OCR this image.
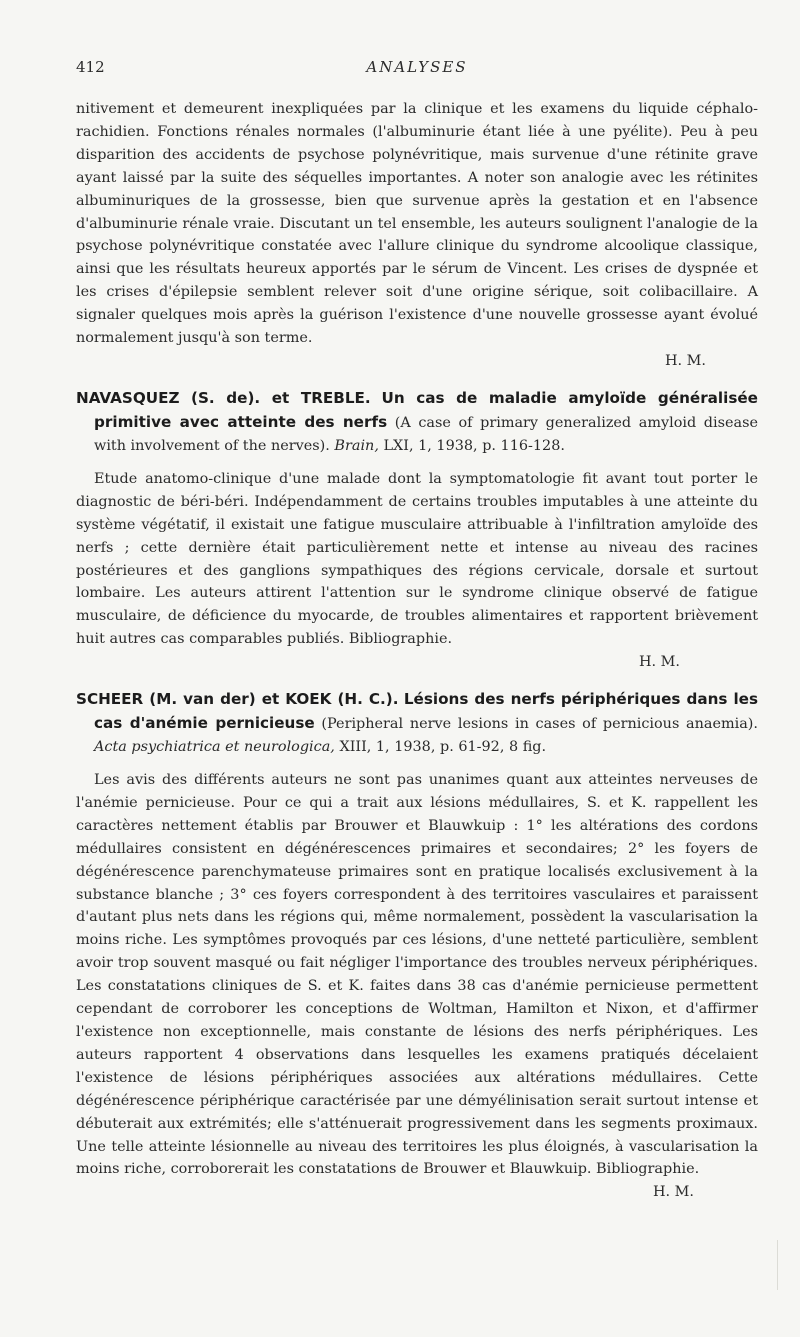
412	ANALYSES

nitivement et demeurent inexpliquées par la clinique et les examens du liquide céphalo-rachidien. Fonctions rénales normales (l'albuminurie étant liée à une pyélite). Peu à peu disparition des accidents de psychose polynévritique, mais survenue d'une rétinite grave ayant laissé par la suite des séquelles importantes. A noter son analogie avec les rétinites albuminuriques de la grossesse, bien que survenue après la gestation et en l'absence d'albuminurie rénale vraie. Discutant un tel ensemble, les auteurs soulignent l'analogie de la psychose polynévritique constatée avec l'allure clinique du syndrome alcoolique classique, ainsi que les résultats heureux apportés par le sérum de Vincent. Les crises de dyspnée et les crises d'épilepsie semblent relever soit d'une origine sérique, soit colibacillaire. A signaler quelques mois après la guérison l'existence d'une nouvelle grossesse ayant évolué normalement jusqu'à son terme.

H. M.

NAVASQUEZ (S. de). et TREBLE. Un cas de maladie amyloïde généralisée primitive avec atteinte des nerfs (A case of primary generalized amyloid disease with involvement of the nerves). Brain, LXI, 1, 1938, p. 116-128.

Etude anatomo-clinique d'une malade dont la symptomatologie fit avant tout porter le diagnostic de béri-béri. Indépendamment de certains troubles imputables à une atteinte du système végétatif, il existait une fatigue musculaire attribuable à l'infiltration amyloïde des nerfs ; cette dernière était particulièrement nette et intense au niveau des racines postérieures et des ganglions sympathiques des régions cervicale, dorsale et surtout lombaire. Les auteurs attirent l'attention sur le syndrome clinique observé de fatigue musculaire, de déficience du myocarde, de troubles alimentaires et rapportent brièvement huit autres cas comparables publiés. Bibliographie.

H. M.

SCHEER (M. van der) et KOEK (H. C.). Lésions des nerfs périphériques dans les cas d'anémie pernicieuse (Peripheral nerve lesions in cases of pernicious anaemia). Acta psychiatrica et neurologica, XIII, 1, 1938, p. 61-92, 8 fig.

Les avis des différents auteurs ne sont pas unanimes quant aux atteintes nerveuses de l'anémie pernicieuse. Pour ce qui a trait aux lésions médullaires, S. et K. rappellent les caractères nettement établis par Brouwer et Blauwkuip : 1° les altérations des cordons médullaires consistent en dégénérescences primaires et secondaires; 2° les foyers de dégénérescence parenchymateuse primaires sont en pratique localisés exclusivement à la substance blanche ; 3° ces foyers correspondent à des territoires vasculaires et paraissent d'autant plus nets dans les régions qui, même normalement, possèdent la vascularisation la moins riche. Les symptômes provoqués par ces lésions, d'une netteté particulière, semblent avoir trop souvent masqué ou fait négliger l'importance des troubles nerveux périphériques. Les constatations cliniques de S. et K. faites dans 38 cas d'anémie pernicieuse permettent cependant de corroborer les conceptions de Woltman, Hamilton et Nixon, et d'affirmer l'existence non exceptionnelle, mais constante de lésions des nerfs périphériques. Les auteurs rapportent 4 observations dans lesquelles les examens pratiqués décelaient l'existence de lésions périphériques associées aux altérations médullaires. Cette dégénérescence périphérique caractérisée par une démyélinisation serait surtout intense et débuterait aux extrémités; elle s'atténuerait progressivement dans les segments proximaux. Une telle atteinte lésionnelle au niveau des territoires les plus éloignés, à vascularisation la moins riche, corroborerait les constatations de Brouwer et Blauwkuip. Bibliographie.

H. M.
